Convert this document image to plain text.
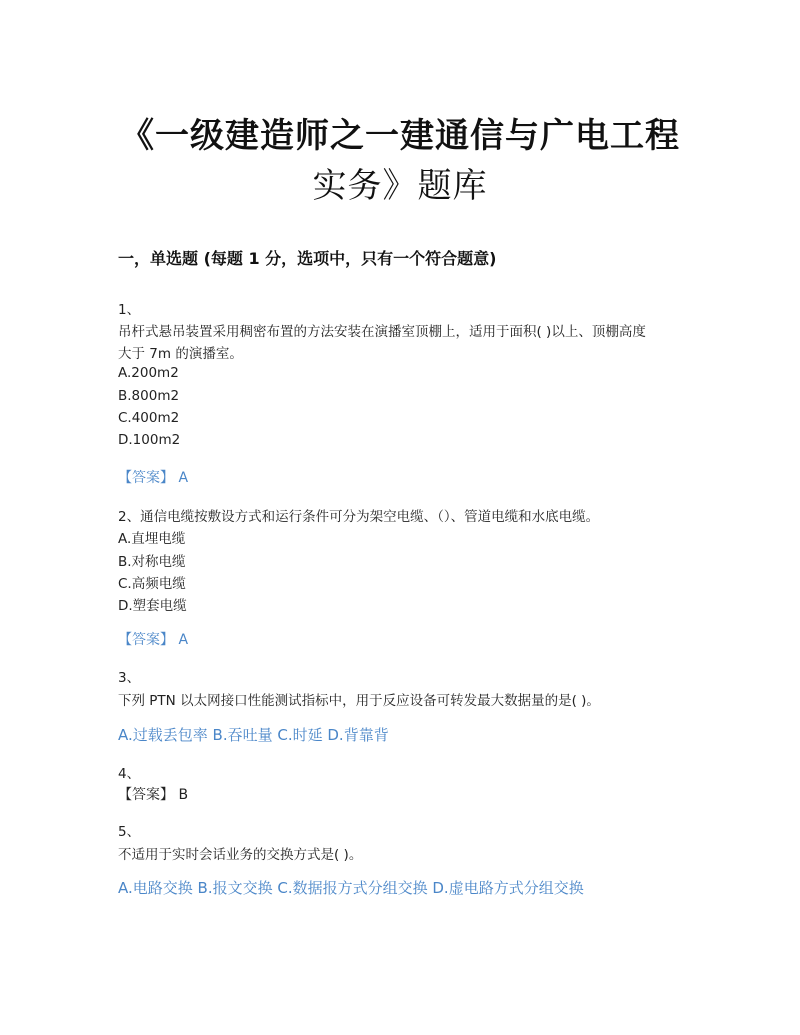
《一级建造师之一建通信与广电工程
实务》题库
一，单选题 (每题 1 分，选项中，只有一个符合题意)
1、
吊杆式悬吊装置采用稠密布置的方法安装在演播室顶棚上，适用于面积( )以上、顶棚高度
大于 7m 的演播室。
A.200m2
B.800m2
C.400m2
D.100m2
【答案】 A
2、通信电缆按敷设方式和运行条件可分为架空电缆、（）、管道电缆和水底电缆。
A.直埋电缆
B.对称电缆
C.高频电缆
D.塑套电缆
【答案】 A
3、
下列 PTN 以太网接口性能测试指标中，用于反应设备可转发最大数据量的是( )。
A.过载丢包率 B.吞吐量 C.时延 D.背靠背
4、
【答案】 B
5、
不适用于实时会话业务的交换方式是( )。
A.电路交换 B.报文交换 C.数据报方式分组交换 D.虚电路方式分组交换
